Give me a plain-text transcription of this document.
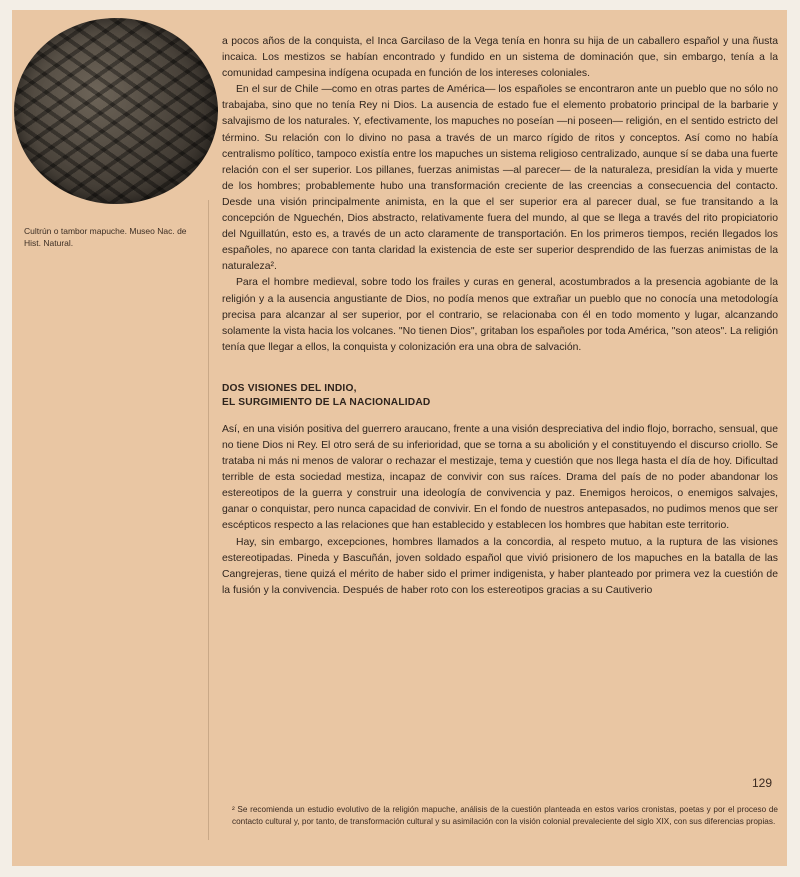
Cultrún o tambor mapuche. Museo Nac. de Hist. Natural.

a pocos años de la conquista, el Inca Garcilaso de la Vega tenía en honra su hija de un caballero español y una ñusta incaica. Los mestizos se habían encontrado y fundido en un sistema de dominación que, sin embargo, tenía a la comunidad campesina indígena ocupada en función de los intereses coloniales.

En el sur de Chile —como en otras partes de América— los españoles se encontraron ante un pueblo que no sólo no trabajaba, sino que no tenía Rey ni Dios. La ausencia de estado fue el elemento probatorio principal de la barbarie y salvajismo de los naturales. Y, efectivamente, los mapuches no poseían —ni poseen— religión, en el sentido estricto del término. Su relación con lo divino no pasa a través de un marco rígido de ritos y conceptos. Así como no había centralismo político, tampoco existía entre los mapuches un sistema religioso centralizado, aunque sí se daba una fuerte relación con el ser superior. Los pillanes, fuerzas animistas —al parecer— de la naturaleza, presidían la vida y muerte de los hombres; probablemente hubo una transformación creciente de las creencias a consecuencia del contacto. Desde una visión principalmente animista, en la que el ser superior era al parecer dual, se fue transitando a la concepción de Nguechén, Dios abstracto, relativamente fuera del mundo, al que se llega a través del rito propiciatorio del Nguillatún, esto es, a través de un acto claramente de transportación. En los primeros tiempos, recién llegados los españoles, no aparece con tanta claridad la existencia de este ser superior desprendido de las fuerzas animistas de la naturaleza².

Para el hombre medieval, sobre todo los frailes y curas en general, acostumbrados a la presencia agobiante de la religión y a la ausencia angustiante de Dios, no podía menos que extrañar un pueblo que no conocía una metodología precisa para alcanzar al ser superior, por el contrario, se relacionaba con él en todo momento y lugar, alcanzando solamente la vista hacia los volcanes. "No tienen Dios", gritaban los españoles por toda América, "son ateos". La religión tenía que llegar a ellos, la conquista y colonización era una obra de salvación.

DOS VISIONES DEL INDIO,
EL SURGIMIENTO DE LA NACIONALIDAD

Así, en una visión positiva del guerrero araucano, frente a una visión despreciativa del indio flojo, borracho, sensual, que no tiene Dios ni Rey. El otro será de su inferioridad, que se torna a su abolición y el constituyendo el discurso criollo. Se trataba ni más ni menos de valorar o rechazar el mestizaje, tema y cuestión que nos llega hasta el día de hoy. Dificultad terrible de esta sociedad mestiza, incapaz de convivir con sus raíces. Drama del país de no poder abandonar los estereotipos de la guerra y construir una ideología de convivencia y paz. Enemigos heroicos, o enemigos salvajes, ganar o conquistar, pero nunca capacidad de convivir. En el fondo de nuestros antepasados, no pudimos menos que ser escépticos respecto a las relaciones que han establecido y establecen los hombres que habitan este territorio.

Hay, sin embargo, excepciones, hombres llamados a la concordia, al respeto mutuo, a la ruptura de las visiones estereotipadas. Pineda y Bascuñán, joven soldado español que vivió prisionero de los mapuches en la batalla de las Cangrejeras, tiene quizá el mérito de haber sido el primer indigenista, y haber planteado por primera vez la cuestión de la fusión y la convivencia. Después de haber roto con los estereotipos gracias a su Cautiverio

129
² Se recomienda un estudio evolutivo de la religión mapuche, análisis de la cuestión planteada en estos varios cronistas, poetas y por el proceso de contacto cultural y, por tanto, de transformación cultural y su asimilación con la visión colonial prevaleciente del siglo XIX, con sus diferencias propias.
